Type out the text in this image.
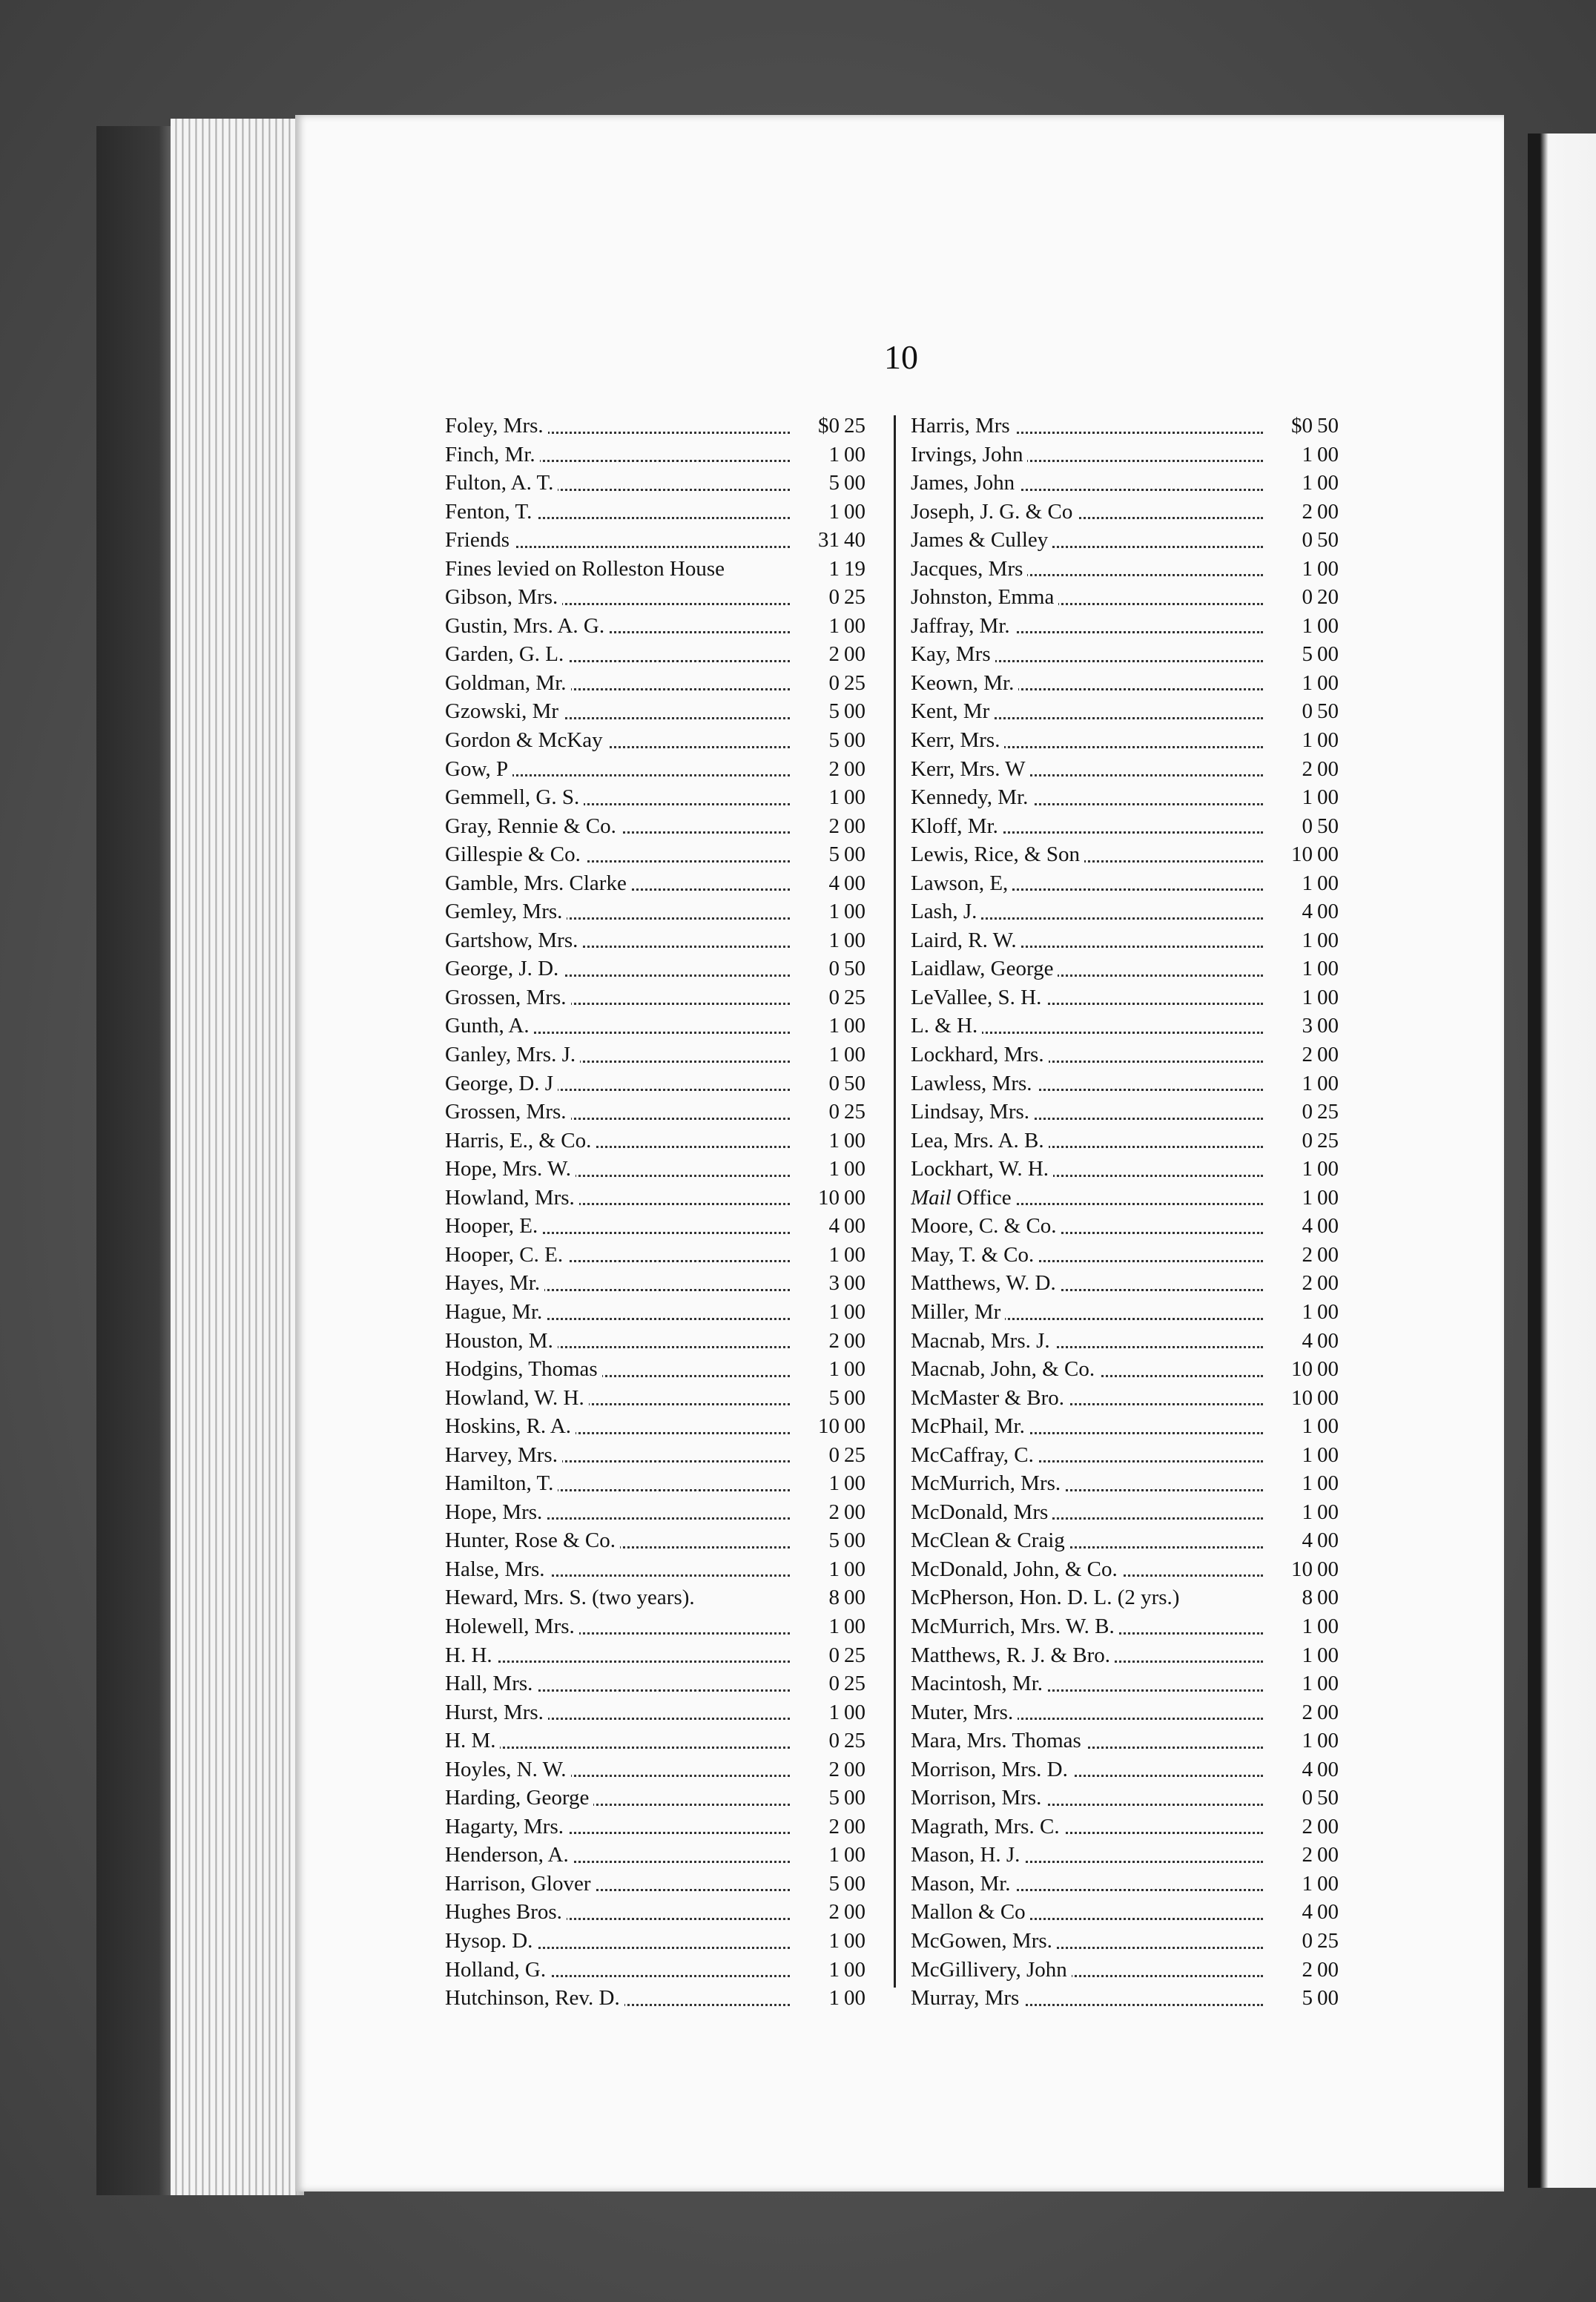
10
Foley, Mrs.	$0 25
Finch, Mr.	1 00
Fulton, A. T.	5 00
Fenton, T.	1 00
Friends	31 40
Fines levied on Rolleston House	1 19
Gibson, Mrs.	0 25
Gustin, Mrs. A. G.	1 00
Garden, G. L.	2 00
Goldman, Mr.	0 25
Gzowski, Mr	5 00
Gordon & McKay	5 00
Gow, P	2 00
Gemmell, G. S.	1 00
Gray, Rennie & Co.	2 00
Gillespie & Co.	5 00
Gamble, Mrs. Clarke	4 00
Gemley, Mrs.	1 00
Gartshow, Mrs.	1 00
George, J. D.	0 50
Grossen, Mrs.	0 25
Gunth, A.	1 00
Ganley, Mrs. J.	1 00
George, D. J	0 50
Grossen, Mrs.	0 25
Harris, E., & Co.	1 00
Hope, Mrs. W.	1 00
Howland, Mrs.	10 00
Hooper, E.	4 00
Hooper, C. E.	1 00
Hayes, Mr.	3 00
Hague, Mr.	1 00
Houston, M.	2 00
Hodgins, Thomas	1 00
Howland, W. H.	5 00
Hoskins, R. A.	10 00
Harvey, Mrs.	0 25
Hamilton, T.	1 00
Hope, Mrs.	2 00
Hunter, Rose & Co.	5 00
Halse, Mrs.	1 00
Heward, Mrs. S. (two years).	8 00
Holewell, Mrs.	1 00
H. H.	0 25
Hall, Mrs.	0 25
Hurst, Mrs.	1 00
H. M.	0 25
Hoyles, N. W.	2 00
Harding, George	5 00
Hagarty, Mrs.	2 00
Henderson, A.	1 00
Harrison, Glover	5 00
Hughes Bros.	2 00
Hysop. D.	1 00
Holland, G.	1 00
Hutchinson, Rev. D.	1 00
Harris, Mrs	$0 50
Irvings, John	1 00
James, John	1 00
Joseph, J. G. & Co	2 00
James & Culley	0 50
Jacques, Mrs	1 00
Johnston, Emma	0 20
Jaffray, Mr.	1 00
Kay, Mrs	5 00
Keown, Mr.	1 00
Kent, Mr	0 50
Kerr, Mrs.	1 00
Kerr, Mrs. W	2 00
Kennedy, Mr.	1 00
Kloff, Mr.	0 50
Lewis, Rice, & Son	10 00
Lawson, E,	1 00
Lash, J.	4 00
Laird, R. W.	1 00
Laidlaw, George	1 00
LeVallee, S. H.	1 00
L. & H.	3 00
Lockhard, Mrs.	2 00
Lawless, Mrs.	1 00
Lindsay, Mrs.	0 25
Lea, Mrs. A. B.	0 25
Lockhart, W. H.	1 00
Mail Office	1 00
Moore, C. & Co.	4 00
May, T. & Co.	2 00
Matthews, W. D.	2 00
Miller, Mr	1 00
Macnab, Mrs. J.	4 00
Macnab, John, & Co.	10 00
McMaster & Bro.	10 00
McPhail, Mr.	1 00
McCaffray, C.	1 00
McMurrich, Mrs.	1 00
McDonald, Mrs	1 00
McClean & Craig	4 00
McDonald, John, & Co.	10 00
McPherson, Hon. D. L. (2 yrs.)	8 00
McMurrich, Mrs. W. B.	1 00
Matthews, R. J. & Bro.	1 00
Macintosh, Mr.	1 00
Muter, Mrs.	2 00
Mara, Mrs. Thomas	1 00
Morrison, Mrs. D.	4 00
Morrison, Mrs.	0 50
Magrath, Mrs. C.	2 00
Mason, H. J.	2 00
Mason, Mr.	1 00
Mallon & Co	4 00
McGowen, Mrs.	0 25
McGillivery, John	2 00
Murray, Mrs	5 00
